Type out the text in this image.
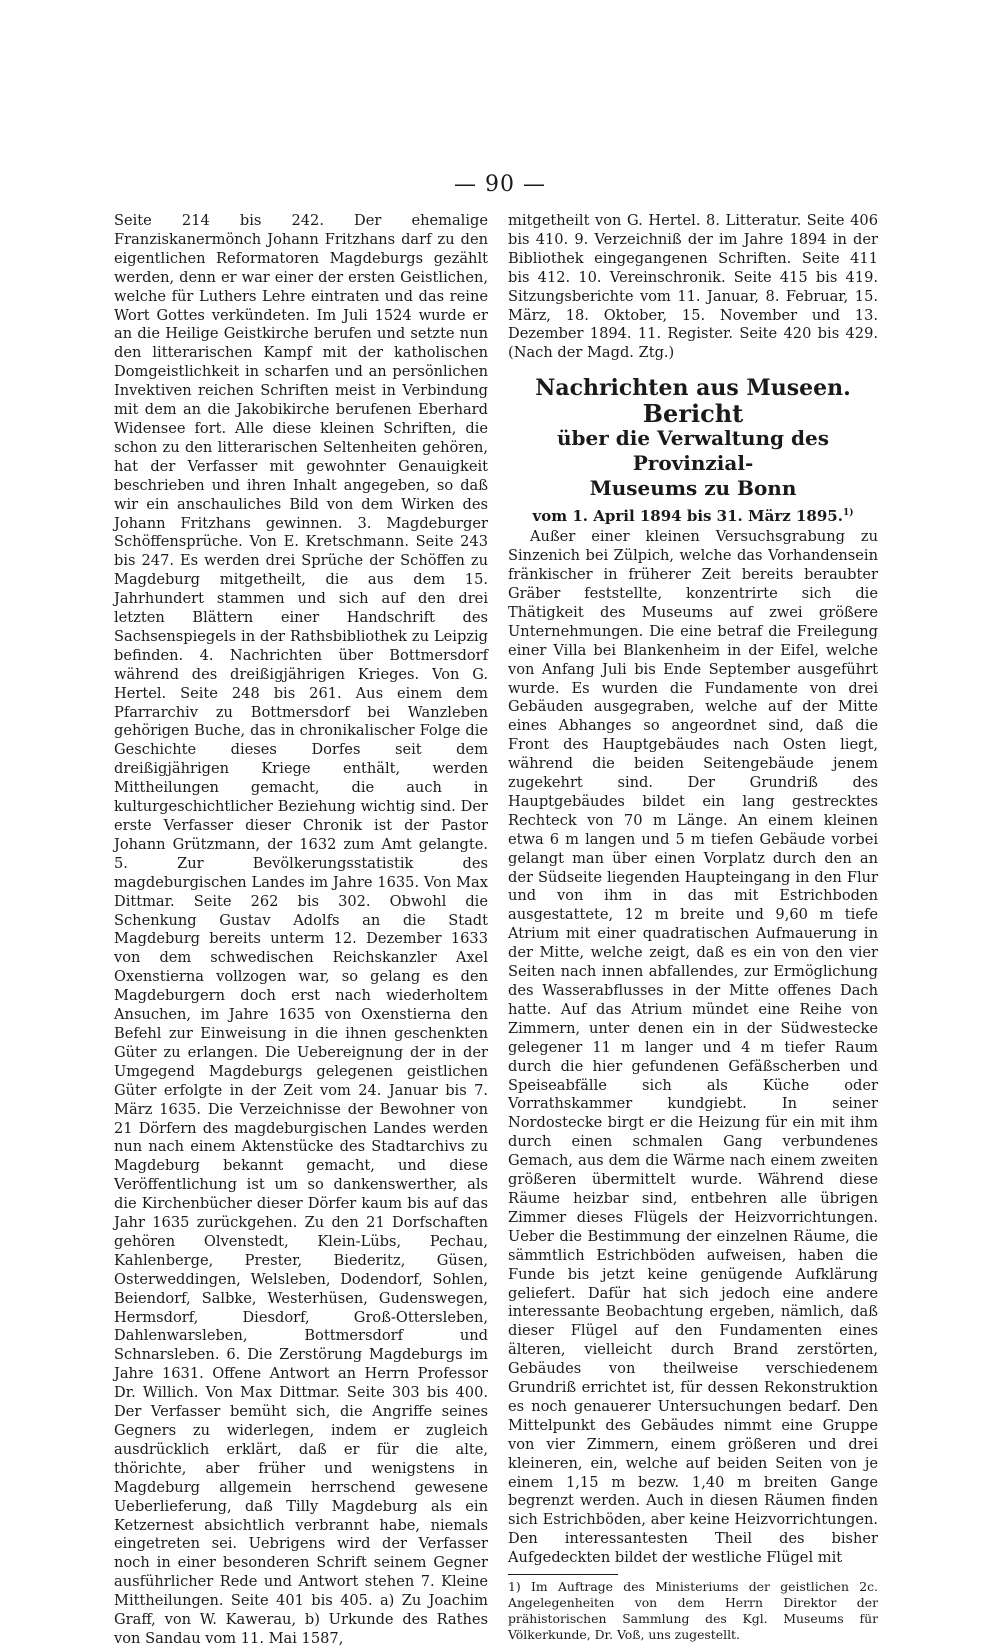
— 90 —

Seite 214 bis 242. Der ehemalige Franziskanermönch Johann Fritzhans darf zu den eigentlichen Reformatoren Magdeburgs gezählt werden, denn er war einer der ersten Geistlichen, welche für Luthers Lehre eintraten und das reine Wort Gottes verkündeten. Im Juli 1524 wurde er an die Heilige Geistkirche berufen und setzte nun den litterarischen Kampf mit der katholischen Domgeistlichkeit in scharfen und an persönlichen Invektiven reichen Schriften meist in Verbindung mit dem an die Jakobikirche berufenen Eberhard Widensee fort. Alle diese kleinen Schriften, die schon zu den litterarischen Seltenheiten gehören, hat der Verfasser mit gewohnter Genauigkeit beschrieben und ihren Inhalt angegeben, so daß wir ein anschauliches Bild von dem Wirken des Johann Fritzhans gewinnen. 3. Magdeburger Schöffensprüche. Von E. Kretschmann. Seite 243 bis 247. Es werden drei Sprüche der Schöffen zu Magdeburg mitgetheilt, die aus dem 15. Jahrhundert stammen und sich auf den drei letzten Blättern einer Handschrift des Sachsenspiegels in der Rathsbibliothek zu Leipzig befinden. 4. Nachrichten über Bottmersdorf während des dreißigjährigen Krieges. Von G. Hertel. Seite 248 bis 261. Aus einem dem Pfarrarchiv zu Bottmersdorf bei Wanzleben gehörigen Buche, das in chronikalischer Folge die Geschichte dieses Dorfes seit dem dreißigjährigen Kriege enthält, werden Mittheilungen gemacht, die auch in kulturgeschichtlicher Beziehung wichtig sind. Der erste Verfasser dieser Chronik ist der Pastor Johann Grützmann, der 1632 zum Amt gelangte. 5. Zur Bevölkerungsstatistik des magdeburgischen Landes im Jahre 1635. Von Max Dittmar. Seite 262 bis 302. Obwohl die Schenkung Gustav Adolfs an die Stadt Magdeburg bereits unterm 12. Dezember 1633 von dem schwedischen Reichskanzler Axel Oxenstierna vollzogen war, so gelang es den Magdeburgern doch erst nach wiederholtem Ansuchen, im Jahre 1635 von Oxenstierna den Befehl zur Einweisung in die ihnen geschenkten Güter zu erlangen. Die Uebereignung der in der Umgegend Magdeburgs gelegenen geistlichen Güter erfolgte in der Zeit vom 24. Januar bis 7. März 1635. Die Verzeichnisse der Bewohner von 21 Dörfern des magdeburgischen Landes werden nun nach einem Aktenstücke des Stadtarchivs zu Magdeburg bekannt gemacht, und diese Veröffentlichung ist um so dankenswerther, als die Kirchenbücher dieser Dörfer kaum bis auf das Jahr 1635 zurückgehen. Zu den 21 Dorfschaften gehören Olvenstedt, Klein-Lübs, Pechau, Kahlenberge, Prester, Biederitz, Güsen, Osterweddingen, Welsleben, Dodendorf, Sohlen, Beiendorf, Salbke, Westerhüsen, Gudenswegen, Hermsdorf, Diesdorf, Groß-Ottersleben, Dahlenwarsleben, Bottmersdorf und Schnarsleben. 6. Die Zerstörung Magdeburgs im Jahre 1631. Offene Antwort an Herrn Professor Dr. Willich. Von Max Dittmar. Seite 303 bis 400. Der Verfasser bemüht sich, die Angriffe seines Gegners zu widerlegen, indem er zugleich ausdrücklich erklärt, daß er für die alte, thörichte, aber früher und wenigstens in Magdeburg allgemein herrschend gewesene Ueberlieferung, daß Tilly Magdeburg als ein Ketzernest absichtlich verbrannt habe, niemals eingetreten sei. Uebrigens wird der Verfasser noch in einer besonderen Schrift seinem Gegner ausführlicher Rede und Antwort stehen 7. Kleine Mittheilungen. Seite 401 bis 405. a) Zu Joachim Graff, von W. Kawerau, b) Urkunde des Rathes von Sandau vom 11. Mai 1587,

mitgetheilt von G. Hertel. 8. Litteratur. Seite 406 bis 410. 9. Verzeichniß der im Jahre 1894 in der Bibliothek eingegangenen Schriften. Seite 411 bis 412. 10. Vereinschronik. Seite 415 bis 419. Sitzungsberichte vom 11. Januar, 8. Februar, 15. März, 18. Oktober, 15. November und 13. Dezember 1894. 11. Register. Seite 420 bis 429. (Nach der Magd. Ztg.)

Nachrichten aus Museen.
Bericht
über die Verwaltung des Provinzial-
Museums zu Bonn
vom 1. April 1894 bis 31. März 1895.$^{1)}$

Außer einer kleinen Versuchsgrabung zu Sinzenich bei Zülpich, welche das Vorhandensein fränkischer in früherer Zeit bereits beraubter Gräber feststellte, konzentrirte sich die Thätigkeit des Museums auf zwei größere Unternehmungen. Die eine betraf die Freilegung einer Villa bei Blankenheim in der Eifel, welche von Anfang Juli bis Ende September ausgeführt wurde. Es wurden die Fundamente von drei Gebäuden ausgegraben, welche auf der Mitte eines Abhanges so angeordnet sind, daß die Front des Hauptgebäudes nach Osten liegt, während die beiden Seitengebäude jenem zugekehrt sind. Der Grundriß des Hauptgebäudes bildet ein lang gestrecktes Rechteck von 70 m Länge. An einem kleinen etwa 6 m langen und 5 m tiefen Gebäude vorbei gelangt man über einen Vorplatz durch den an der Südseite liegenden Haupteingang in den Flur und von ihm in das mit Estrichboden ausgestattete, 12 m breite und 9,60 m tiefe Atrium mit einer quadratischen Aufmauerung in der Mitte, welche zeigt, daß es ein von den vier Seiten nach innen abfallendes, zur Ermöglichung des Wasserabflusses in der Mitte offenes Dach hatte. Auf das Atrium mündet eine Reihe von Zimmern, unter denen ein in der Südwestecke gelegener 11 m langer und 4 m tiefer Raum durch die hier gefundenen Gefäßscherben und Speiseabfälle sich als Küche oder Vorrathskammer kundgiebt. In seiner Nordostecke birgt er die Heizung für ein mit ihm durch einen schmalen Gang verbundenes Gemach, aus dem die Wärme nach einem zweiten größeren übermittelt wurde. Während diese Räume heizbar sind, entbehren alle übrigen Zimmer dieses Flügels der Heizvorrichtungen. Ueber die Bestimmung der einzelnen Räume, die sämmtlich Estrichböden aufweisen, haben die Funde bis jetzt keine genügende Aufklärung geliefert. Dafür hat sich jedoch eine andere interessante Beobachtung ergeben, nämlich, daß dieser Flügel auf den Fundamenten eines älteren, vielleicht durch Brand zerstörten, Gebäudes von theilweise verschiedenem Grundriß errichtet ist, für dessen Rekonstruktion es noch genauerer Untersuchungen bedarf. Den Mittelpunkt des Gebäudes nimmt eine Gruppe von vier Zimmern, einem größeren und drei kleineren, ein, welche auf beiden Seiten von je einem 1,15 m bezw. 1,40 m breiten Gange begrenzt werden. Auch in diesen Räumen finden sich Estrichböden, aber keine Heizvorrichtungen. Den interessantesten Theil des bisher Aufgedeckten bildet der westliche Flügel mit

1) Im Auftrage des Ministeriums der geistlichen 2c. Angelegenheiten von dem Herrn Direktor der prähistorischen Sammlung des Kgl. Museums für Völkerkunde, Dr. Voß, uns zugestellt.
